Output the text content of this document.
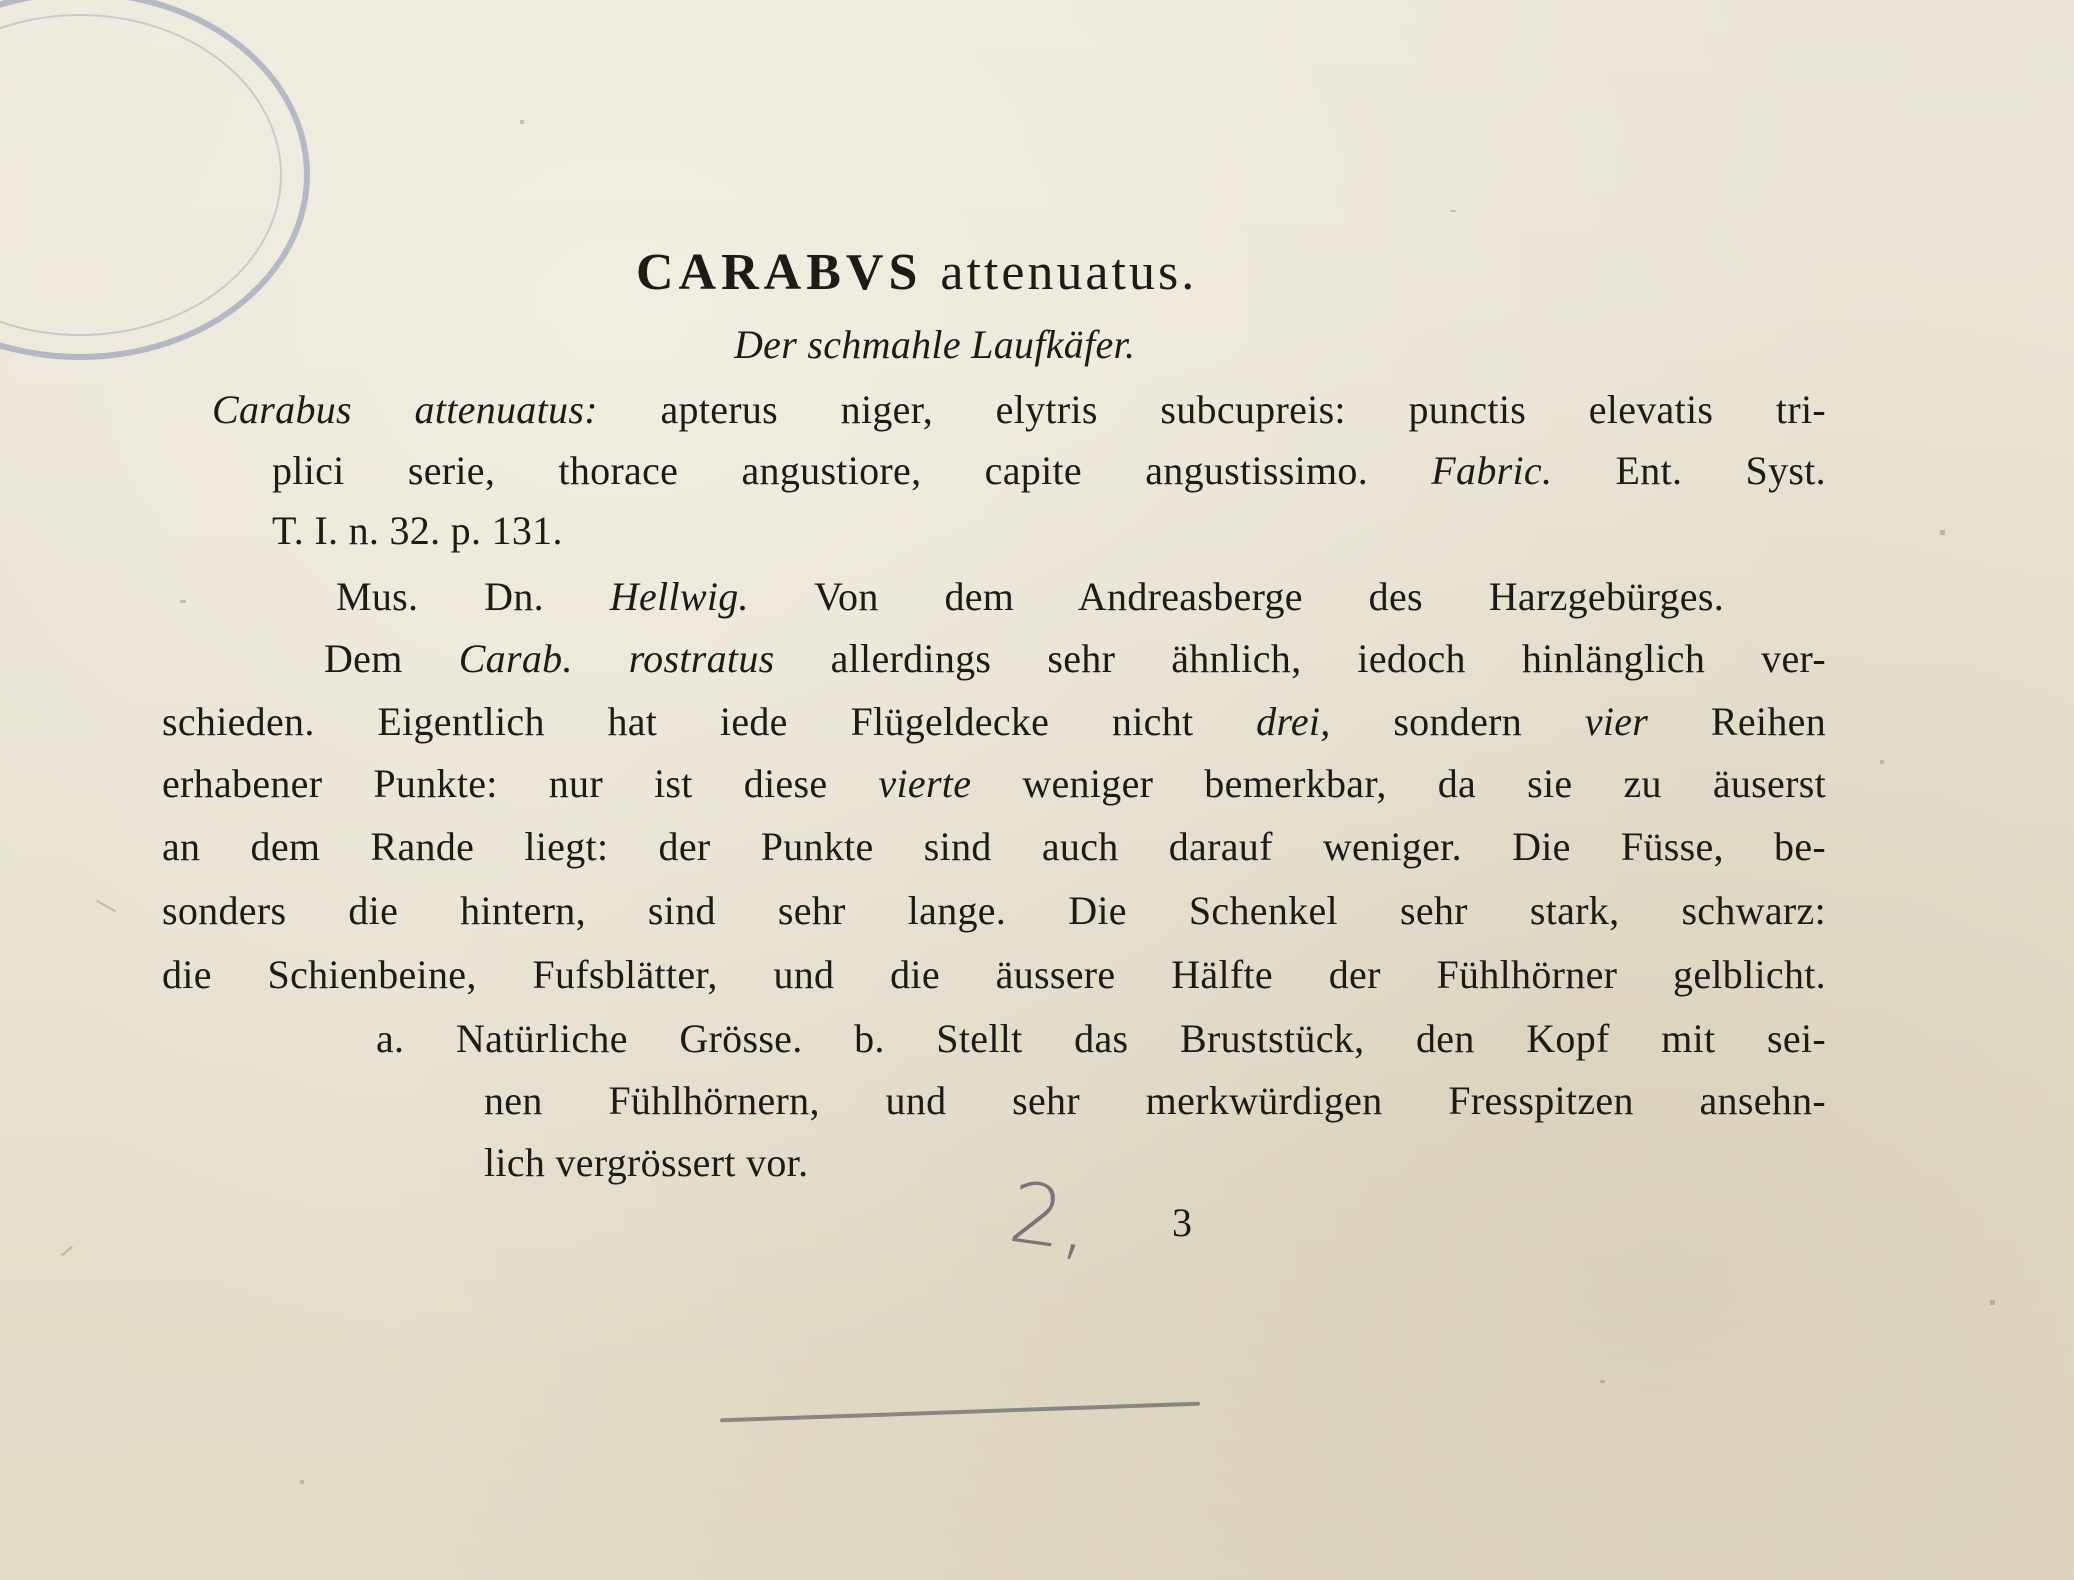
CARABVS attenuatus.
Der schmahle Laufkäfer.
Carabus attenuatus: apterus niger, elytris subcupreis: punctis elevatis tri-
plici serie, thorace angustiore, capite angustissimo. Fabric. Ent. Syst.
T. I. n. 32. p. 131.
Mus. Dn. Hellwig. Von dem Andreasberge des Harzgebürges.
Dem Carab. rostratus allerdings sehr ähnlich, iedoch hinlänglich ver-
schieden. Eigentlich hat iede Flügeldecke nicht drei, sondern vier Reihen
erhabener Punkte: nur ist diese vierte weniger bemerkbar, da sie zu äuserst
an dem Rande liegt: der Punkte sind auch darauf weniger. Die Füsse, be-
sonders die hintern, sind sehr lange. Die Schenkel sehr stark, schwarz:
die Schienbeine, Fufsblätter, und die äussere Hälfte der Fühlhörner gelblicht.
a. Natürliche Grösse. b. Stellt das Bruststück, den Kopf mit sei-
nen Fühlhörnern, und sehr merkwürdigen Fresspitzen ansehn-
lich vergrössert vor.
3
2,
